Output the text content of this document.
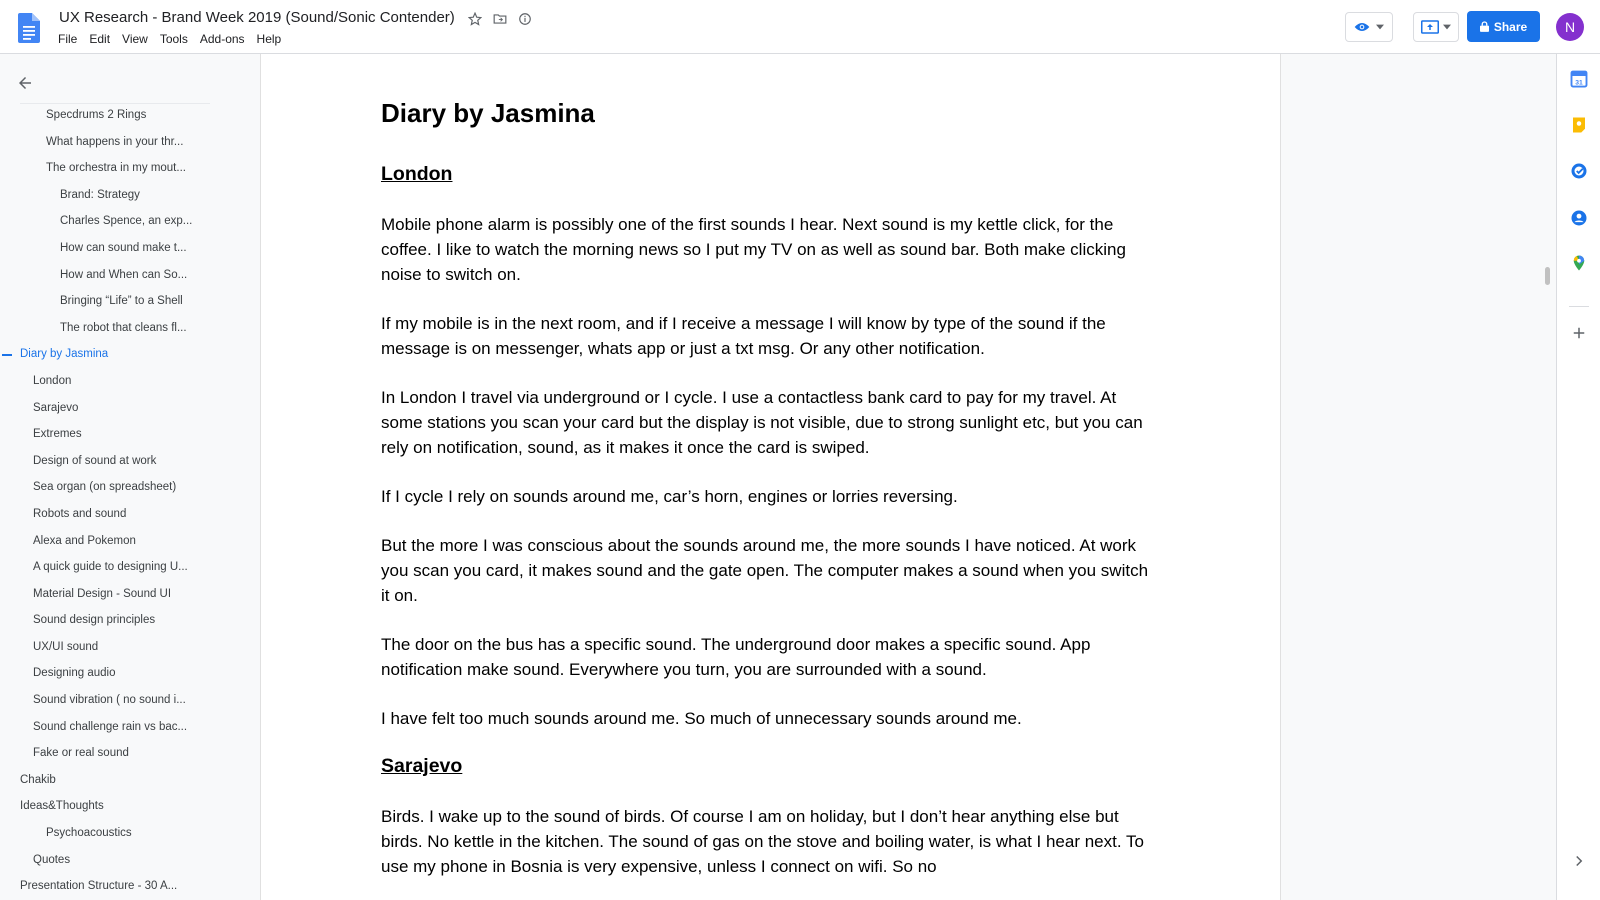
UX Research - Brand Week 2019 (Sound/Sonic Contender)
File Edit View Tools Add-ons Help
Share	N
Specdrums 2 Rings
What happens in your thr...
The orchestra in my mout...
Brand: Strategy
Charles Spence, an exp...
How can sound make t...
How and When can So...
Bringing “Life” to a Shell
The robot that cleans fl...
Diary by Jasmina
London
Sarajevo
Extremes
Design of sound at work
Sea organ (on spreadsheet)
Robots and sound
Alexa and Pokemon
A quick guide to designing U...
Material Design - Sound UI
Sound design principles
UX/UI sound
Designing audio
Sound vibration ( no sound i...
Sound challenge rain vs bac...
Fake or real sound
Chakib
Ideas&Thoughts
Psychoacoustics
Quotes
Presentation Structure - 30 A...
Diary by Jasmina
London
Mobile phone alarm is possibly one of the first sounds I hear. Next sound is my kettle click, for the coffee. I like to watch the morning news so I put my TV on as well as sound bar. Both make clicking noise to switch on.
If my mobile is in the next room, and if I receive a message I will know by type of the sound if the message is on messenger, whats app or just a txt msg. Or any other notification.
In London I travel via underground or I cycle. I use a contactless bank card to pay for my travel. At some stations you scan your card but the display is not visible, due to strong sunlight etc, but you can rely on notification, sound, as it makes it once the card is swiped.
If I cycle I rely on sounds around me, car’s horn, engines or lorries reversing.
But the more I was conscious about the sounds around me, the more sounds I have noticed. At work you scan you card, it makes sound and the gate open. The computer makes a sound when you switch it on.
The door on the bus has a specific sound. The underground door makes a specific sound. App notification make sound. Everywhere you turn, you are surrounded with a sound.
I have felt too much sounds around me. So much of unnecessary sounds around me.
Sarajevo
Birds. I wake up to the sound of birds. Of course I am on holiday, but I don’t hear anything else but birds. No kettle in the kitchen. The sound of gas on the stove and boiling water, is what I hear next. To use my phone in Bosnia is very expensive, unless I connect on wifi. So no
31
